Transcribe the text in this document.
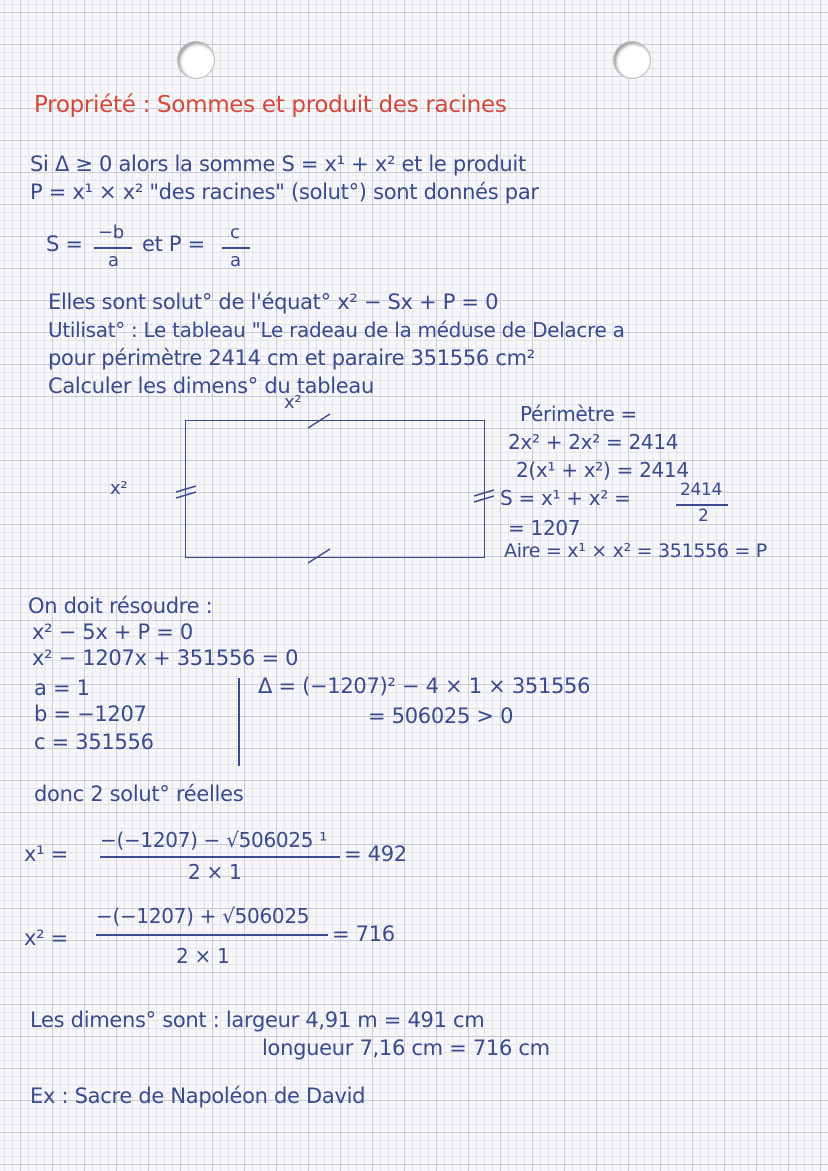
Propriété : Sommes et produit des racines
Si Δ ≥ 0 alors la somme S = x¹ + x² et le produit
P = x¹ × x² "des racines" (solut°) sont donnés par
S = −b
a
et P = c
a
Elles sont solut° de l'équat° x² − Sx + P = 0
Utilisat° : Le tableau "Le radeau de la méduse de Delacre a
pour périmètre 2414 cm et paraire 351556 cm²
Calculer les dimens° du tableau
x²
x²
Périmètre =
2x² + 2x² = 2414
2(x¹ + x²) = 2414
S = x¹ + x² =	2414
2
= 1207
Aire = x¹ × x² = 351556 = P
On doit résoudre :
x² − 5x + P = 0
x² − 1207x + 351556 = 0
a = 1
b = −1207
c = 351556
Δ = (−1207)² − 4 × 1 × 351556
= 506025 > 0
donc 2 solut° réelles
x¹ =
−(−1207) − √506025 ¹
2 × 1
= 492
x² =
−(−1207) + √506025
2 × 1
= 716
Les dimens° sont : largeur 4,91 m = 491 cm
longueur 7,16 cm = 716 cm
Ex : Sacre de Napoléon de David
